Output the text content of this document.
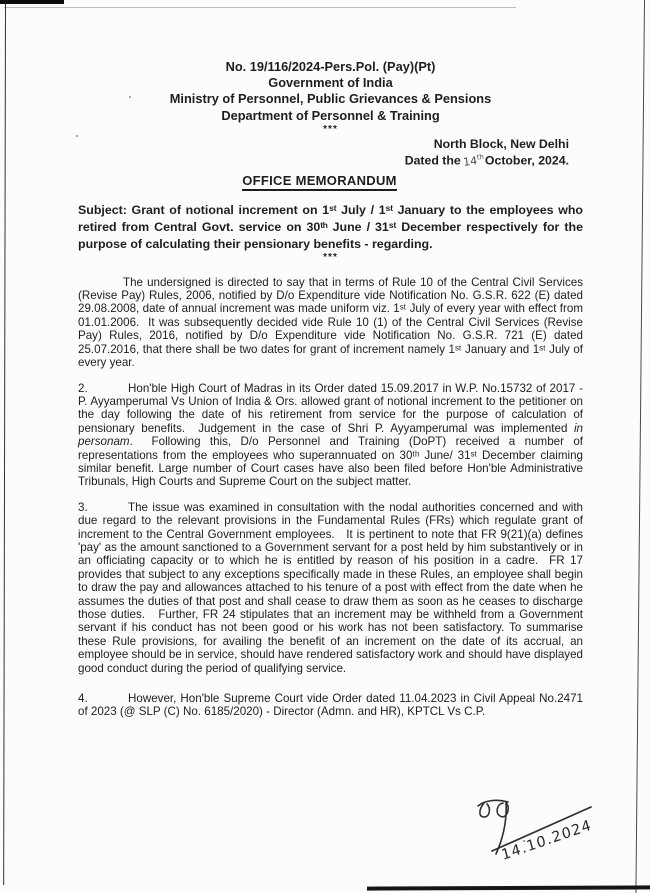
No. 19/116/2024-Pers.Pol. (Pay)(Pt)

Government of India

Ministry of Personnel, Public Grievances & Pensions

Department of Personnel & Training

***

North Block, New Delhi
Dated the14thOctober, 2024.
OFFICE MEMORANDUM

Subject: Grant of notional increment on 1ˢᵗ July / 1ˢᵗ January to the employees who retired from Central Govt. service on 30ᵗʰ June / 31ˢᵗ December respectively for the purpose of calculating their pensionary benefits - regarding.

***

The undersigned is directed to say that in terms of Rule 10 of the Central Civil Services (Revise Pay) Rules, 2006, notified by D/o Expenditure vide Notification No. G.S.R. 622 (E) dated 29.08.2008, date of annual increment was made uniform viz. 1ˢᵗ July of every year with effect from 01.01.2006.  It was subsequently decided vide Rule 10 (1) of the Central Civil Services (Revise Pay) Rules, 2016, notified by D/o Expenditure vide Notification No. G.S.R. 721 (E) dated 25.07.2016, that there shall be two dates for grant of increment namely 1ˢᵗ January and 1ˢᵗ July of every year.

2.	Hon'ble High Court of Madras in its Order dated 15.09.2017 in W.P. No.15732 of 2017 - P. Ayyamperumal Vs Union of India & Ors. allowed grant of notional increment to the petitioner on the day following the date of his retirement from service for the purpose of calculation of pensionary benefits.  Judgement in the case of Shri P. Ayyamperumal was implemented in personam.  Following this, D/o Personnel and Training (DoPT) received a number of representations from the employees who superannuated on 30ᵗʰ June/ 31ˢᵗ December claiming similar benefit. Large number of Court cases have also been filed before Hon'ble Administrative Tribunals, High Courts and Supreme Court on the subject matter.

3.	The issue was examined in consultation with the nodal authorities concerned and with due regard to the relevant provisions in the Fundamental Rules (FRs) which regulate grant of increment to the Central Government employees.   It is pertinent to note that FR 9(21)(a) defines 'pay' as the amount sanctioned to a Government servant for a post held by him substantively or in an officiating capacity or to which he is entitled by reason of his position in a cadre.  FR 17 provides that subject to any exceptions specifically made in these Rules, an employee shall begin to draw the pay and allowances attached to his tenure of a post with effect from the date when he assumes the duties of that post and shall cease to draw them as soon as he ceases to discharge those duties.   Further, FR 24 stipulates that an increment may be withheld from a Government servant if his conduct has not been good or his work has not been satisfactory. To summarise these Rule provisions, for availing the benefit of an increment on the date of its accrual, an employee should be in service, should have rendered satisfactory work and should have displayed good conduct during the period of qualifying service.

4.	However, Hon'ble Supreme Court vide Order dated 11.04.2023 in Civil Appeal No.2471 of 2023 (@ SLP (C) No. 6185/2020) - Director (Admn. and HR), KPTCL Vs C.P.

14.10.2024
